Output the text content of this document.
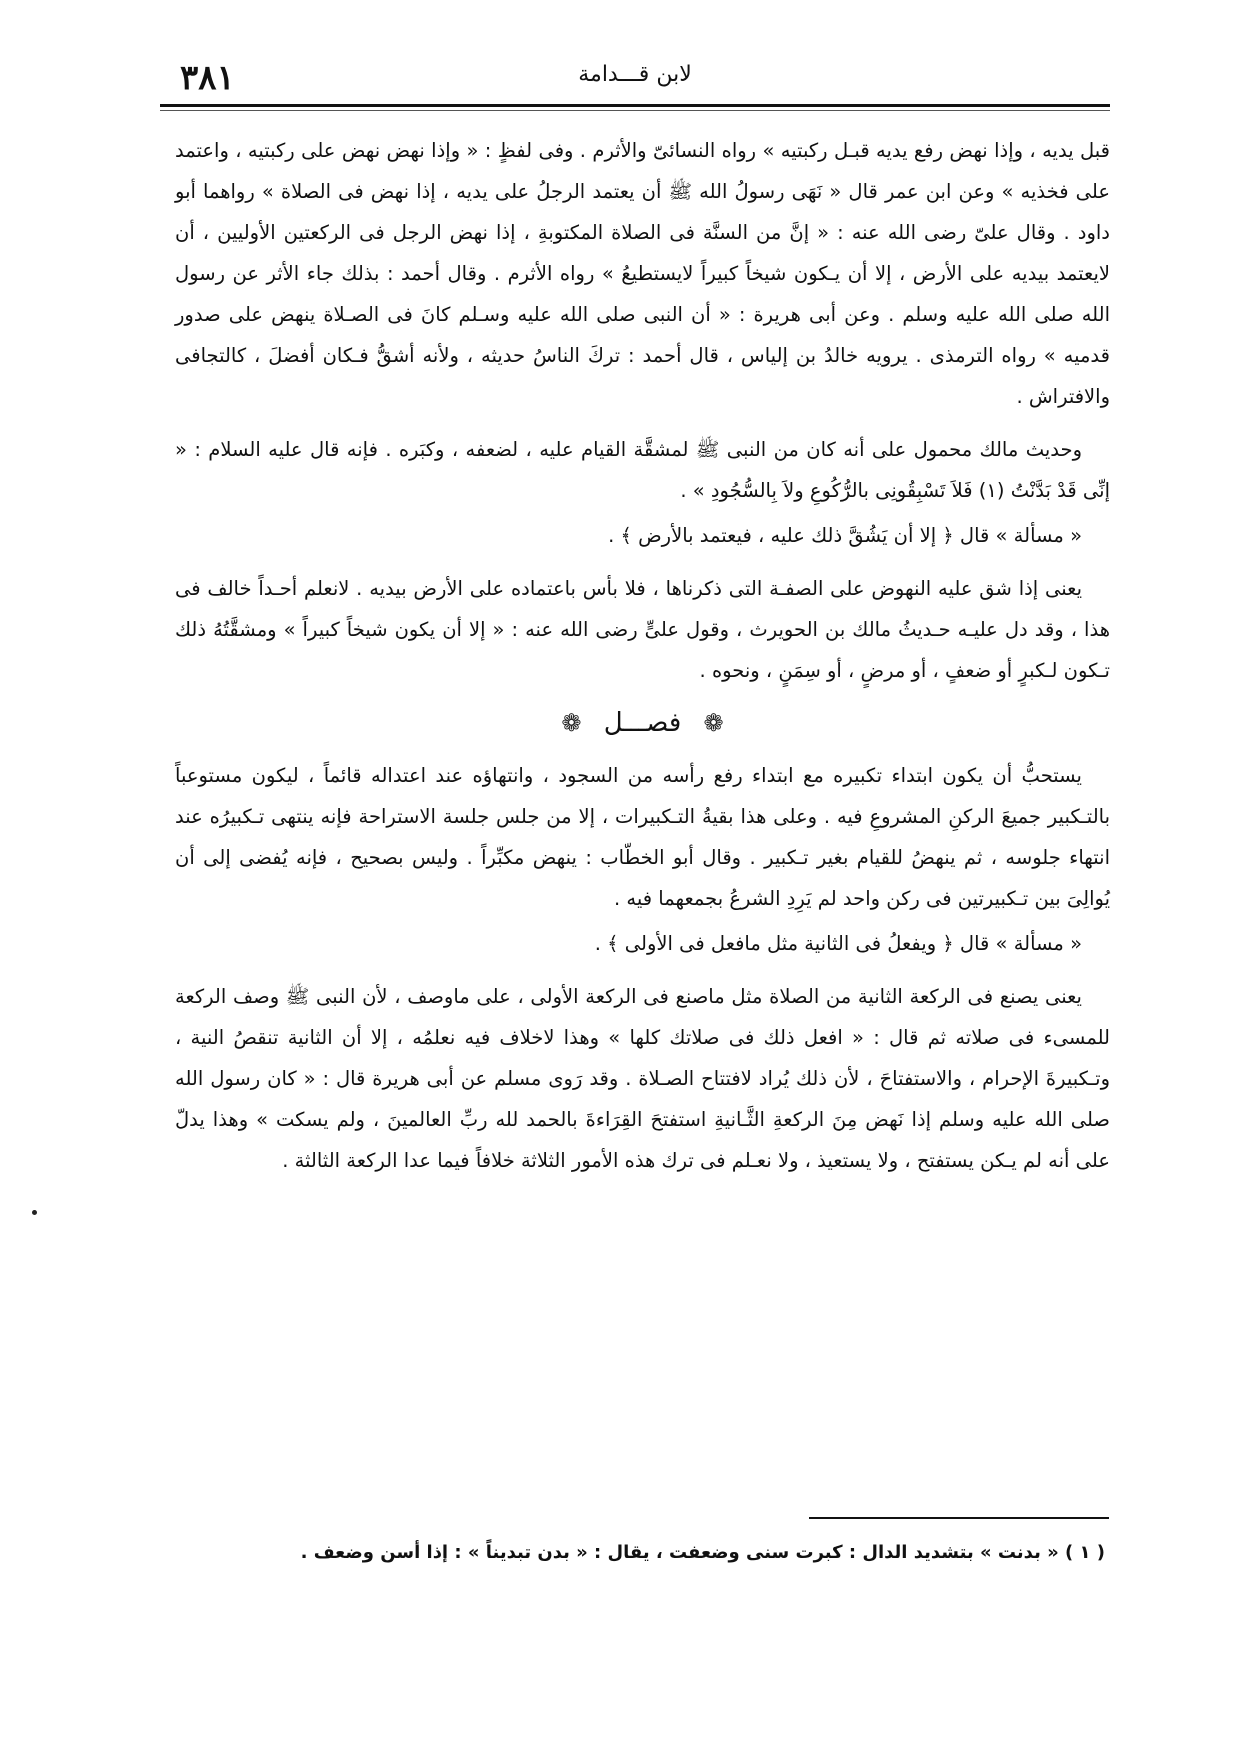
٣٨١	لابن قـــدامة

قبل يديه ، وإذا نهض رفع يديه قبـل ركبتيه » رواه النسائىّ والأثرم . وفى لفظٍ : « وإذا نهض نهض على ركبتيه ، واعتمد على فخذيه » وعن ابن عمر قال « نَهَى رسولُ الله ﷺ أن يعتمد الرجلُ على يديه ، إذا نهض فى الصلاة » رواهما أبو داود . وقال علىّ رضى الله عنه : « إنَّ من السنَّة فى الصلاة المكتوبةِ ، إذا نهض الرجل فى الركعتين الأوليين ، أن لايعتمد بيديه على الأرض ، إلا أن يـكون شيخاً كبيراً لايستطيعُ » رواه الأثرم . وقال أحمد : بذلك جاء الأثر عن رسول الله صلى الله عليه وسلم . وعن أبى هريرة : « أن النبى صلى الله عليه وسـلم كانَ فى الصـلاة ينهض على صدور قدميه » رواه الترمذى . يرويه خالدُ بن إلياس ، قال أحمد : تركَ الناسُ حديثه ، ولأنه أشقُّ فـكان أفضلَ ، كالتجافى والافتراش .

وحديث مالك محمول على أنه كان من النبى ﷺ لمشقَّة القيام عليه ، لضعفه ، وكبَره . فإنه قال عليه السلام : « إنِّى قَدْ بَدَّنْتُ (١) فَلاَ تَسْبِقُونِى بالرُّكُوعِ ولاَ بِالسُّجُودِ » .

« مسألة » قال ﴿ إلا أن يَشُقَّ ذلك عليه ، فيعتمد بالأرض ﴾ .

يعنى إذا شق عليه النهوض على الصفـة التى ذكرناها ، فلا بأس باعتماده على الأرض بيديه . لانعلم أحـداً خالف فى هذا ، وقد دل عليـه حـديثُ مالك بن الحويرث ، وقول علىٍّ رضى الله عنه : « إلا أن يكون شيخاً كبيراً » ومشقَّتُهُ ذلك تـكون لـكبرٍ أو ضعفٍ ، أو مرضٍ ، أو سِمَنٍ ، ونحوه .

❁ فصـــل ❁

يستحبُّ أن يكون ابتداء تكبيره مع ابتداء رفع رأسه من السجود ، وانتهاؤه عند اعتداله قائماً ، ليكون مستوعباً بالتـكبير جميعَ الركنِ المشروعِ فيه . وعلى هذا بقيةُ التـكبيرات ، إلا من جلس جلسة الاستراحة فإنه ينتهى تـكبيرُه عند انتهاء جلوسه ، ثم ينهضُ للقيام بغير تـكبير . وقال أبو الخطّاب : ينهض مكبِّراً . وليس بصحيح ، فإنه يُفضى إلى أن يُوالِىَ بين تـكبيرتين فى ركن واحد لم يَرِدِ الشرعُ بجمعهما فيه .

« مسألة » قال ﴿ ويفعلُ فى الثانية مثل مافعل فى الأولى ﴾ .

يعنى يصنع فى الركعة الثانية من الصلاة مثل ماصنع فى الركعة الأولى ، على ماوصف ، لأن النبى ﷺ وصف الركعة للمسىء فى صلاته ثم قال : « افعل ذلك فى صلاتك كلها » وهذا لاخلاف فيه نعلمُه ، إلا أن الثانية تنقصُ النية ، وتـكبيرةَ الإحرام ، والاستفتاحَ ، لأن ذلك يُراد لافتتاح الصـلاة . وقد رَوى مسلم عن أبى هريرة قال : « كان رسول الله صلى الله عليه وسلم إذا نَهض مِنَ الركعةِ الثَّـانيةِ استفتحَ القِرَاءةَ بالحمد لله ربِّ العالمينَ ، ولم يسكت » وهذا يدلّ على أنه لم يـكن يستفتح ، ولا يستعيذ ، ولا نعـلم فى ترك هذه الأمور الثلاثة خلافاً فيما عدا الركعة الثالثة .

( ١ ) « بدنت » بتشديد الدال : كبرت سنى وضعفت ، يقال : « بدن تبديناً » : إذا أسن وضعف .
